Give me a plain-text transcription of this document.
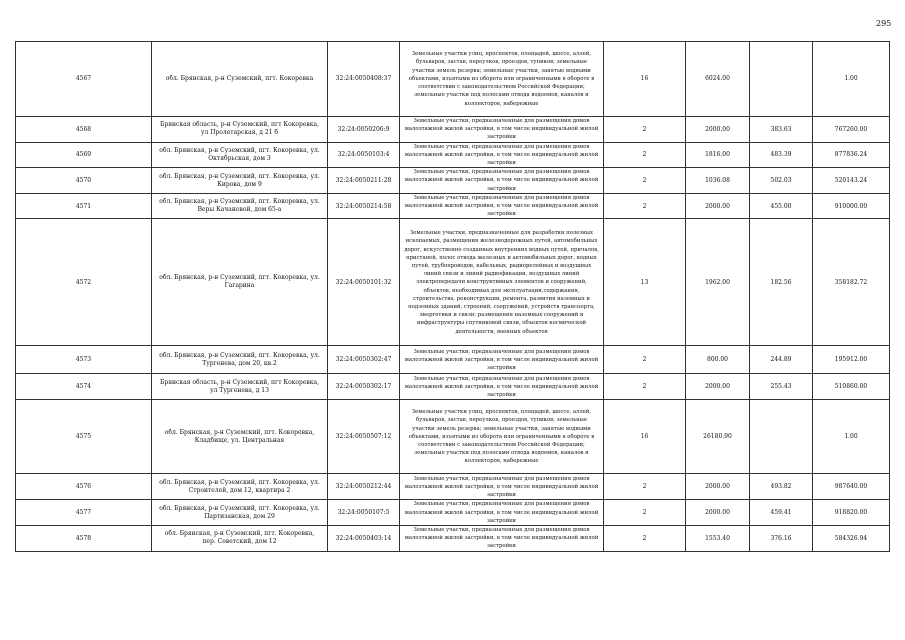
295
4567	обл. Брянская, р-н Суземский, пгт. Кокоревка	32:24:0050408:37	Земельные участки улиц, проспектов, площадей, шоссе, аллей, бульваров, застав, переулков, проездов, тупиков; земельные участки земель резерва; земельные участки, занятые водными объектами, изъятыми из оборота или ограниченными в обороте в соответствии с законодательством Российской Федерации; земельные участки под полосами отвода водоемов, каналов и коллекторов, набережные	16	6024.00		1.00
4568	Брянская область, р-н Суземский, пгт Кокоревка, ул Пролетарская, д 21 б	32:24:0050206:9	Земельные участки, предназначенные для размещения домов малоэтажной жилой застройки, в том числе индивидуальной жилой застройки	2	2000.00	383.63	767260.00
4569	обл. Брянская, р-н Суземский, пгт. Кокоревка, ул. Октябрьская, дом 3	32:24:0050103:4	Земельные участки, предназначенные для размещения домов малоэтажной жилой застройки, в том числе индивидуальной жилой застройки	2	1816.00	483.39	877836.24
4570	обл. Брянская, р-н Суземский, пгт. Кокоревка, ул. Кирова, дом 9	32:24:0050211:28	Земельные участки, предназначенные для размещения домов малоэтажной жилой застройки, в том числе индивидуальной жилой застройки	2	1036.08	502.03	520143.24
4571	обл. Брянская, р-н Суземский, пгт. Кокоревка, ул. Веры Качановой, дом 65-а	32:24:0050214:58	Земельные участки, предназначенные для размещения домов малоэтажной жилой застройки, в том числе индивидуальной жилой застройки	2	2000.00	455.00	910000.00
4572	обл. Брянская, р-н Суземский, пгт. Кокоревка, ул. Гагарина	32:24:0050101:32	Земельные участки, предназначенные для разработки полезных ископаемых, размещения железнодорожных путей, автомобильных дорог, искусственно созданных внутренних водных путей, причалов, пристаней, полос отвода железных и автомобильных дорог, водных путей, трубопроводов, кабельных, радиорелейных и воздушных линий связи и линий радиофикации, воздушных линий электропередачи конструктивных элементов и сооружений, объектов, необходимых для эксплуатации,содержания, строительства, реконструкции, ремонта, развития наземных и подземных зданий, строений, сооружений, устройств транспорта, энергетики и связи; размещения наземных сооружений и инфраструктуры спутниковой связи, объектов космической деятельности, военных объектов	13	1962.00	182.56	358182.72
4573	обл. Брянская, р-н Суземский, пгт. Кокоревка, ул. Тургенева, дом 20, кв.2	32:24:0050302:47	Земельные участки, предназначенные для размещения домов малоэтажной жилой застройки, в том числе индивидуальной жилой застройки	2	800.00	244.89	195912.00
4574	Брянская область, р-н Суземский, пгт Кокоревка, ул Тургенева, д 13	32:24:0050302:17	Земельные участки, предназначенные для размещения домов малоэтажной жилой застройки, в том числе индивидуальной жилой застройки	2	2000.00	255.43	510860.00
4575	обл. Брянская, р-н Суземский, пгт. Кокоревка, Кладбище, ул. Центральная	32:24:0050507:12	Земельные участки улиц, проспектов, площадей, шоссе, аллей, бульваров, застав, переулков, проездов, тупиков; земельные участки земель резерва; земельные участки, занятые водными объектами, изъятыми из оборота или ограниченными в обороте в соответствии с законодательством Российской Федерации; земельные участки под полосами отвода водоемов, каналов и коллекторов, набережные	16	26180.90		1.00
4576	обл. Брянская, р-н Суземский, пгт. Кокоревка, ул. Строителей, дом 12, квартира 2	32:24:0050212:44	Земельные участки, предназначенные для размещения домов малоэтажной жилой застройки, в том числе индивидуальной жилой застройки	2	2000.00	493.82	987640.00
4577	обл. Брянская, р-н Суземский, пгт. Кокоревка, ул. Партизанская, дом 29	32:24:0050107:5	Земельные участки, предназначенные для размещения домов малоэтажной жилой застройки, в том числе индивидуальной жилой застройки	2	2000.00	459.41	918820.00
4578	обл. Брянская, р-н Суземский, пгт. Кокоревка, пер. Советский, дом 12	32:24:0050403:14	Земельные участки, предназначенные для размещения домов малоэтажной жилой застройки, в том числе индивидуальной жилой застройки	2	1553.40	376.16	584326.94
